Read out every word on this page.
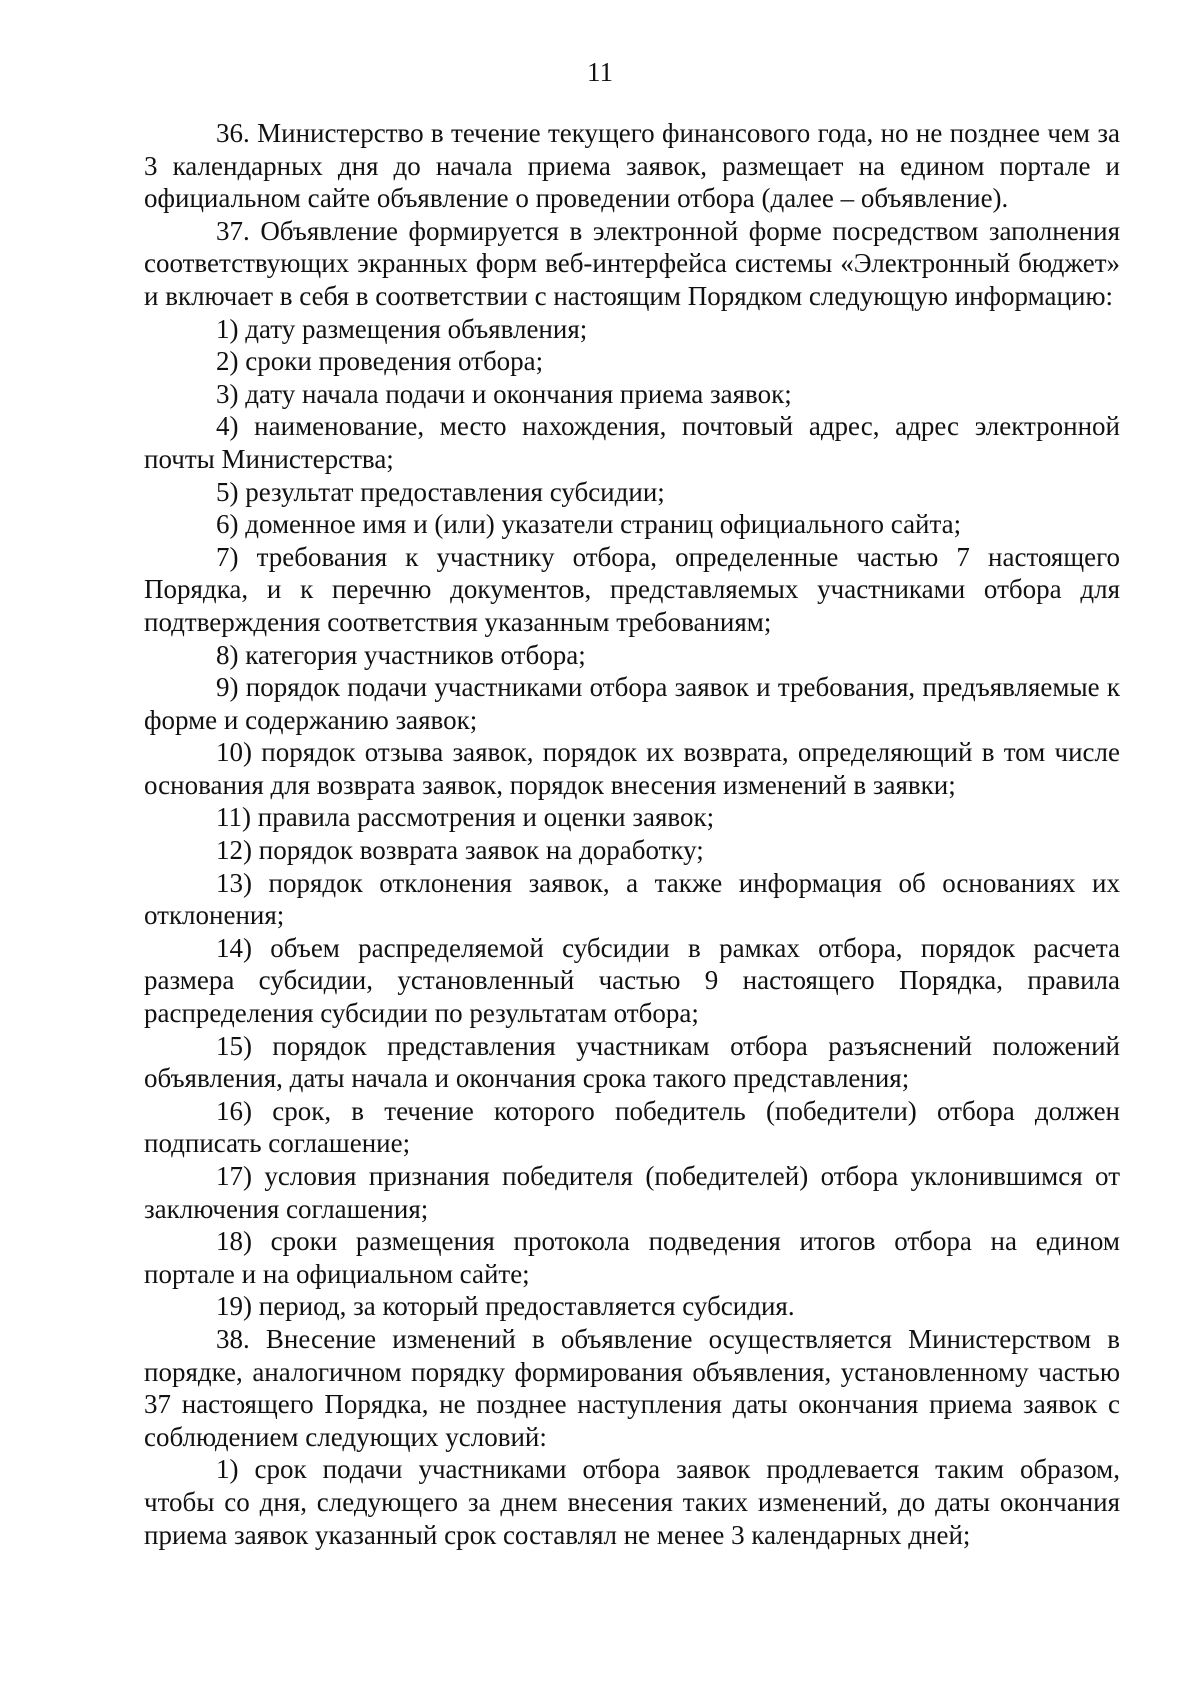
11

36. Министерство в течение текущего финансового года, но не позднее чем за 3 календарных дня до начала приема заявок, размещает на едином портале и официальном сайте объявление о проведении отбора (далее – объявление).

37. Объявление формируется в электронной форме посредством заполнения соответствующих экранных форм веб-интерфейса системы «Электронный бюджет» и включает в себя в соответствии с настоящим Порядком следующую информацию:

1) дату размещения объявления;

2) сроки проведения отбора;

3) дату начала подачи и окончания приема заявок;

4) наименование, место нахождения, почтовый адрес, адрес электронной почты Министерства;

5) результат предоставления субсидии;

6) доменное имя и (или) указатели страниц официального сайта;

7) требования к участнику отбора, определенные частью 7 настоящего Порядка, и к перечню документов, представляемых участниками отбора для подтверждения соответствия указанным требованиям;

8) категория участников отбора;

9) порядок подачи участниками отбора заявок и требования, предъявляемые к форме и содержанию заявок;

10) порядок отзыва заявок, порядок их возврата, определяющий в том числе основания для возврата заявок, порядок внесения изменений в заявки;

11) правила рассмотрения и оценки заявок;

12) порядок возврата заявок на доработку;

13) порядок отклонения заявок, а также информация об основаниях их отклонения;

14) объем распределяемой субсидии в рамках отбора, порядок расчета размера субсидии, установленный частью 9 настоящего Порядка, правила распределения субсидии по результатам отбора;

15) порядок представления участникам отбора разъяснений положений объявления, даты начала и окончания срока такого представления;

16) срок, в течение которого победитель (победители) отбора должен подписать соглашение;

17) условия признания победителя (победителей) отбора уклонившимся от заключения соглашения;

18) сроки размещения протокола подведения итогов отбора на едином портале и на официальном сайте;

19) период, за который предоставляется субсидия.

38. Внесение изменений в объявление осуществляется Министерством в порядке, аналогичном порядку формирования объявления, установленному частью 37 настоящего Порядка, не позднее наступления даты окончания приема заявок с соблюдением следующих условий:

1) срок подачи участниками отбора заявок продлевается таким образом, чтобы со дня, следующего за днем внесения таких изменений, до даты окончания приема заявок указанный срок составлял не менее 3 календарных дней;
